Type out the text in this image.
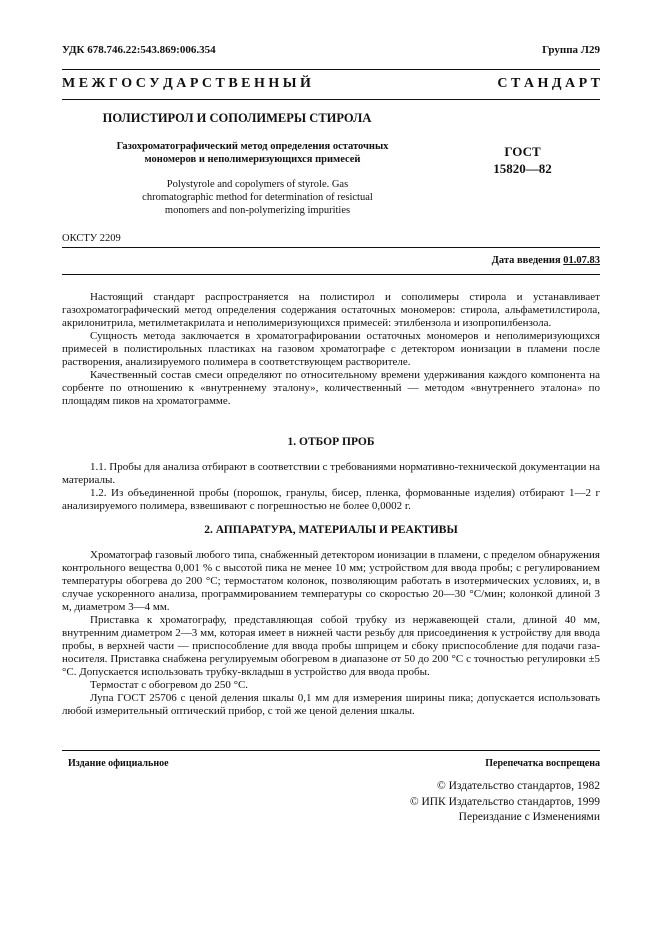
УДК 678.746.22:543.869:006.354	Группа Л29
М Е Ж Г О С У Д А Р С Т В Е Н Н Ы Й	С Т А Н Д А Р Т
ПОЛИСТИРОЛ И СОПОЛИМЕРЫ СТИРОЛА
Газохроматографический метод определения остаточных мономеров и неполимеризующихся примесей
ГОСТ
15820—82
Polystyrole and copolymers of styrole. Gas chromatographic method for determination of resictual monomers and non-polymerizing impurities
ОКСТУ 2209
Дата введения 01.07.83

Настоящий стандарт распространяется на полистирол и сополимеры стирола и устанавливает газохроматографический метод определения содержания остаточных мономеров: стирола, альфаметилстирола, акрилонитрила, метилметакрилата и неполимеризующихся примесей: этилбензола и изопропилбензола.

Сущность метода заключается в хроматографировании остаточных мономеров и неполимеризующихся примесей в полистирольных пластиках на газовом хроматографе с детектором ионизации в пламени после растворения, анализируемого полимера в соответствующем растворителе.

Качественный состав смеси определяют по относительному времени удерживания каждого компонента на сорбенте по отношению к «внутреннему эталону», количественный — методом «внутреннего эталона» по площадям пиков на хроматограмме.

1. ОТБОР ПРОБ

1.1. Пробы для анализа отбирают в соответствии с требованиями нормативно-технической документации на материалы.

1.2. Из объединенной пробы (порошок, гранулы, бисер, пленка, формованные изделия) отбирают 1—2 г анализируемого полимера, взвешивают с погрешностью не более 0,0002 г.

2. АППАРАТУРА, МАТЕРИАЛЫ И РЕАКТИВЫ

Хроматограф газовый любого типа, снабженный детектором ионизации в пламени, с пределом обнаружения контрольного вещества 0,001 % с высотой пика не менее 10 мм; устройством для ввода пробы; с регулированием температуры обогрева до 200 °С; термостатом колонок, позволяющим работать в изотермических условиях, и, в случае ускоренного анализа, программированием температуры со скоростью 20—30 °С/мин; колонкой длиной 3 м, диаметром 3—4 мм.

Приставка к хроматографу, представляющая собой трубку из нержавеющей стали, длиной 40 мм, внутренним диаметром 2—3 мм, которая имеет в нижней части резьбу для присоединения к устройству для ввода пробы, в верхней части — приспособление для ввода пробы шприцем и сбоку приспособление для подачи газа-носителя. Приставка снабжена регулируемым обогревом в диапазоне от 50 до 200 °С с точностью регулировки ±5 °С. Допускается использовать трубку-вкладыш в устройство для ввода пробы.

Термостат с обогревом до 250 °С.

Лупа ГОСТ 25706 с ценой деления шкалы 0,1 мм для измерения ширины пика; допускается использовать любой измерительный оптический прибор, с той же ценой деления шкалы.

Издание официальное	Перепечатка воспрещена
© Издательство стандартов, 1982
© ИПК Издательство стандартов, 1999
Переиздание с Изменениями
